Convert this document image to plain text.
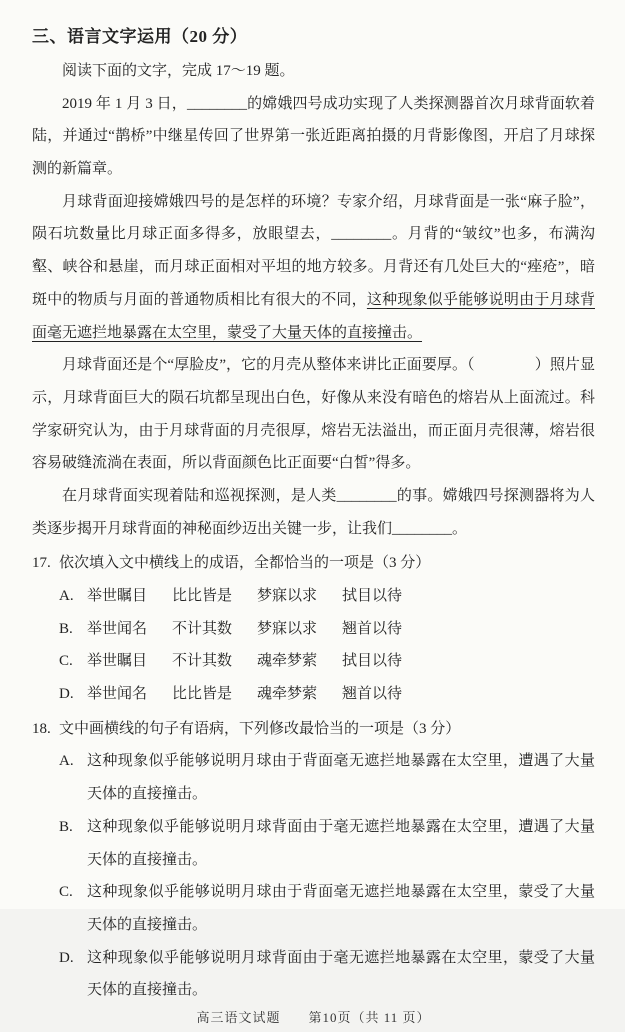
三、语言文字运用（20 分）

阅读下面的文字，完成 17～19 题。

2019 年 1 月 3 日，________的嫦娥四号成功实现了人类探测器首次月球背面软着陆，并通过“鹊桥”中继星传回了世界第一张近距离拍摄的月背影像图，开启了月球探测的新篇章。

月球背面迎接嫦娥四号的是怎样的环境？专家介绍，月球背面是一张“麻子脸”，陨石坑数量比月球正面多得多，放眼望去，________。月背的“皱纹”也多，布满沟壑、峡谷和悬崖，而月球正面相对平坦的地方较多。月背还有几处巨大的“痤疮”，暗斑中的物质与月面的普通物质相比有很大的不同，这种现象似乎能够说明由于月球背面毫无遮拦地暴露在太空里，蒙受了大量天体的直接撞击。

月球背面还是个“厚脸皮”，它的月壳从整体来讲比正面要厚。（　　　　）照片显示，月球背面巨大的陨石坑都呈现出白色，好像从来没有暗色的熔岩从上面流过。科学家研究认为，由于月球背面的月壳很厚，熔岩无法溢出，而正面月壳很薄，熔岩很容易破缝流淌在表面，所以背面颜色比正面要“白皙”得多。

在月球背面实现着陆和巡视探测，是人类________的事。嫦娥四号探测器将为人类逐步揭开月球背面的神秘面纱迈出关键一步，让我们________。

17. 依次填入文中横线上的成语，全都恰当的一项是（3 分）
A. 举世瞩目	比比皆是	梦寐以求	拭目以待
B. 举世闻名	不计其数	梦寐以求	翘首以待
C. 举世瞩目	不计其数	魂牵梦萦	拭目以待
D. 举世闻名	比比皆是	魂牵梦萦	翘首以待
18. 文中画横线的句子有语病，下列修改最恰当的一项是（3 分）
A. 这种现象似乎能够说明月球由于背面毫无遮拦地暴露在太空里，遭遇了大量天体的直接撞击。
B. 这种现象似乎能够说明月球背面由于毫无遮拦地暴露在太空里，遭遇了大量天体的直接撞击。
C. 这种现象似乎能够说明月球由于背面毫无遮拦地暴露在太空里，蒙受了大量天体的直接撞击。
D. 这种现象似乎能够说明月球背面由于毫无遮拦地暴露在太空里，蒙受了大量天体的直接撞击。
高三语文试题　　第10页（共 11 页）
